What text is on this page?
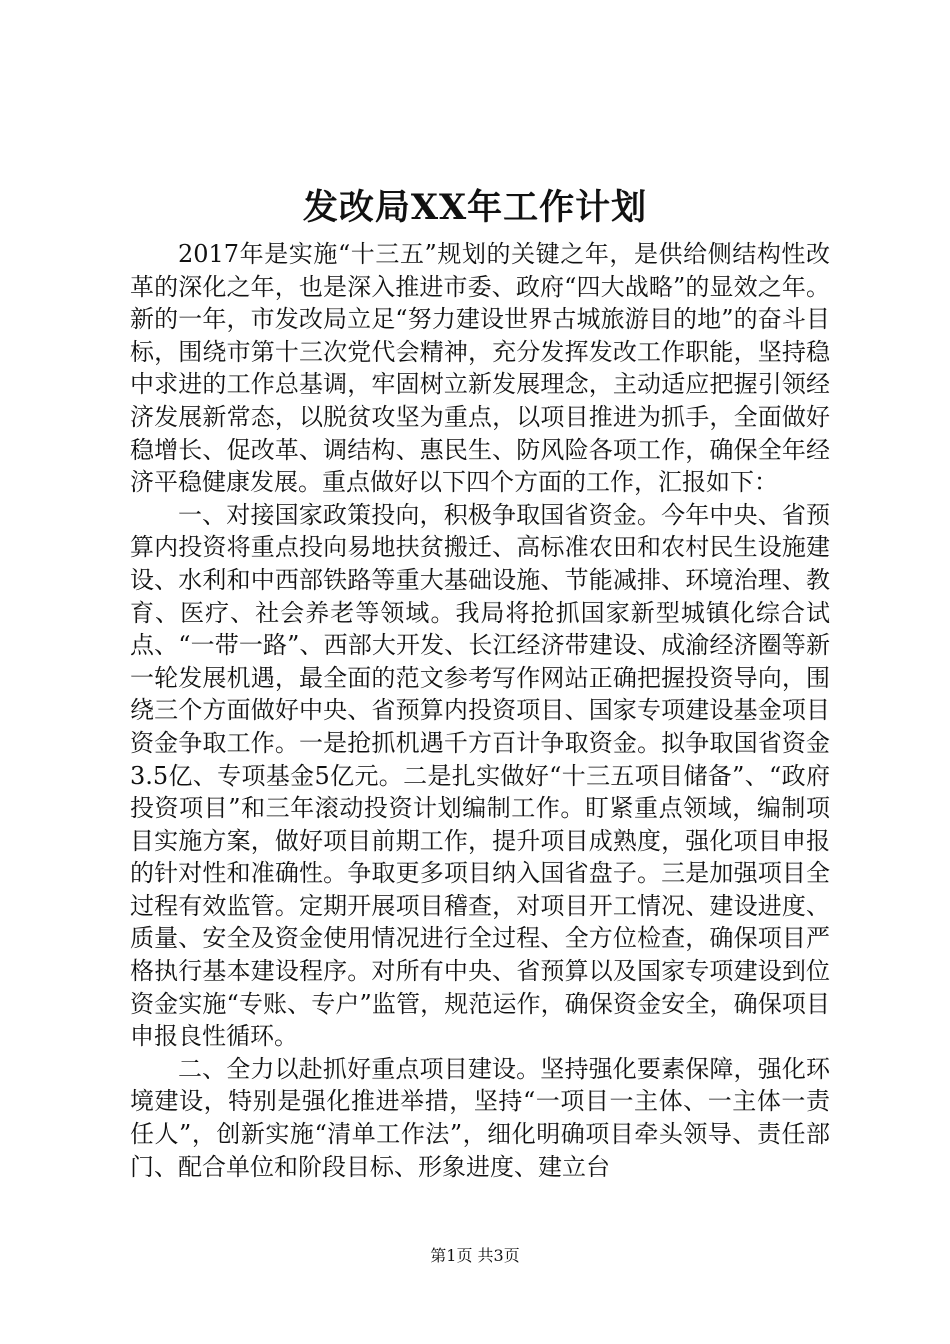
发改局XX年工作计划

2017年是实施“十三五”规划的关键之年，是供给侧结构性改革的深化之年，也是深入推进市委、政府“四大战略”的显效之年。新的一年，市发改局立足“努力建设世界古城旅游目的地”的奋斗目标，围绕市第十三次党代会精神，充分发挥发改工作职能，坚持稳中求进的工作总基调，牢固树立新发展理念，主动适应把握引领经济发展新常态，以脱贫攻坚为重点，以项目推进为抓手，全面做好稳增长、促改革、调结构、惠民生、防风险各项工作，确保全年经济平稳健康发展。重点做好以下四个方面的工作，汇报如下：

一、对接国家政策投向，积极争取国省资金。今年中央、省预算内投资将重点投向易地扶贫搬迁、高标准农田和农村民生设施建设、水利和中西部铁路等重大基础设施、节能减排、环境治理、教育、医疗、社会养老等领域。我局将抢抓国家新型城镇化综合试点、“一带一路”、西部大开发、长江经济带建设、成渝经济圈等新一轮发展机遇，最全面的范文参考写作网站正确把握投资导向，围绕三个方面做好中央、省预算内投资项目、国家专项建设基金项目资金争取工作。一是抢抓机遇千方百计争取资金。拟争取国省资金3.5亿、专项基金5亿元。二是扎实做好“十三五项目储备”、“政府投资项目”和三年滚动投资计划编制工作。盯紧重点领域，编制项目实施方案，做好项目前期工作，提升项目成熟度，强化项目申报的针对性和准确性。争取更多项目纳入国省盘子。三是加强项目全过程有效监管。定期开展项目稽查，对项目开工情况、建设进度、质量、安全及资金使用情况进行全过程、全方位检查，确保项目严格执行基本建设程序。对所有中央、省预算以及国家专项建设到位资金实施“专账、专户”监管，规范运作，确保资金安全，确保项目申报良性循环。

二、全力以赴抓好重点项目建设。坚持强化要素保障，强化环境建设，特别是强化推进举措，坚持“一项目一主体、一主体一责任人”，创新实施“清单工作法”，细化明确项目牵头领导、责任部门、配合单位和阶段目标、形象进度、建立台

第1页 共3页
